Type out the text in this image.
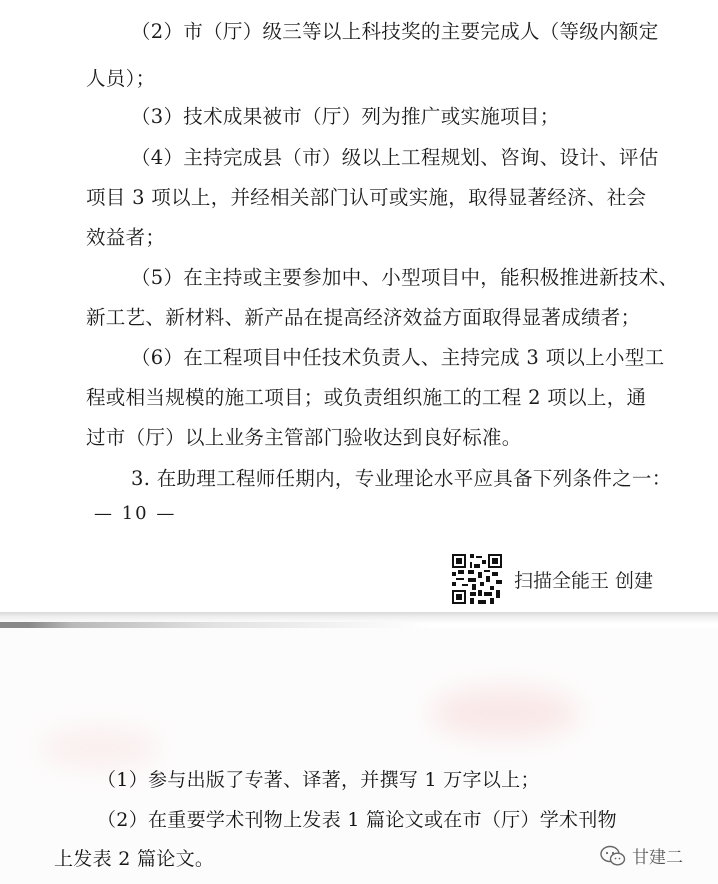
（2）市（厅）级三等以上科技奖的主要完成人（等级内额定
人员）；
（3）技术成果被市（厅）列为推广或实施项目；
（4）主持完成县（市）级以上工程规划、咨询、设计、评估
项目 3 项以上，并经相关部门认可或实施，取得显著经济、社会
效益者；
（5）在主持或主要参加中、小型项目中，能积极推进新技术、
新工艺、新材料、新产品在提高经济效益方面取得显著成绩者；
（6）在工程项目中任技术负责人、主持完成 3 项以上小型工
程或相当规模的施工项目；或负责组织施工的工程 2 项以上，通
过市（厅）以上业务主管部门验收达到良好标准。
3. 在助理工程师任期内，专业理论水平应具备下列条件之一：
— 10 —
扫描全能王 创建
（1）参与出版了专著、译著，并撰写 1 万字以上；
（2）在重要学术刊物上发表 1 篇论文或在市（厅）学术刊物
上发表 2 篇论文。	甘建二
